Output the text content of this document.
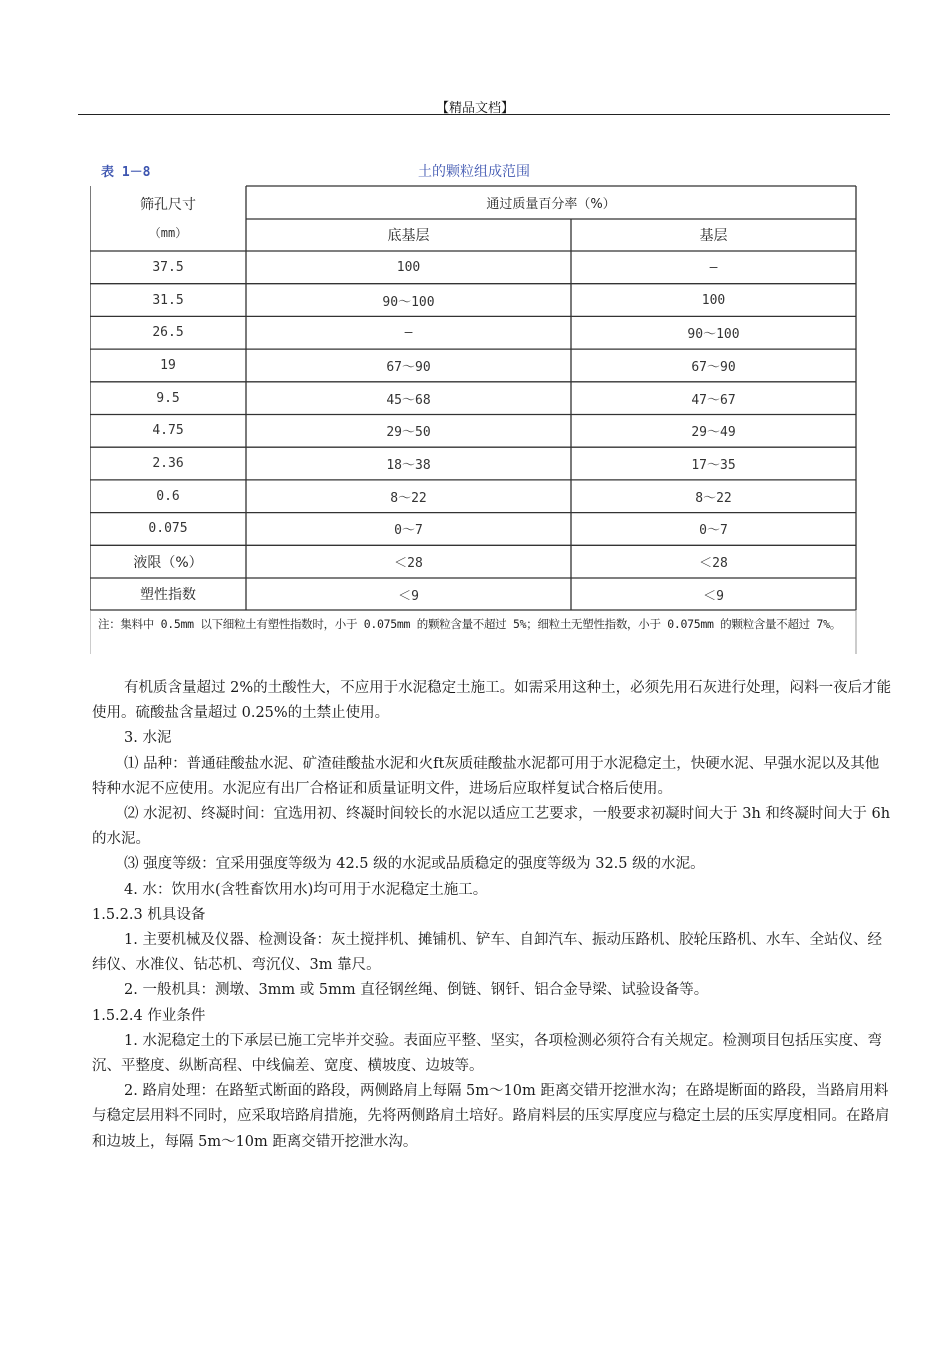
【精品文档】
表 1－8	土的颗粒组成范围
筛孔尺寸
（mm）
通过质量百分率（%）
底基层	基层
37.5	100	—
31.5	90～100	100
26.5	—	90～100
19	67～90	67～90
9.5	45～68	47～67
4.75	29～50	29～49
2.36	18～38	17～35
0.6	8～22	8～22
0.075	0～7	0～7
液限（%）	＜28	＜28
塑性指数	＜9	＜9
注：集料中 0.5mm 以下细粒土有塑性指数时，小于 0.075mm 的颗粒含量不超过 5%；细粒土无塑性指数，小于 0.075mm 的颗粒含量不超过 7%。

有机质含量超过 2%的土酸性大，不应用于水泥稳定土施工。如需采用这种土，必须先用石灰进行处理，闷料一夜后才能使用。硫酸盐含量超过 0.25%的土禁止使用。

3. 水泥

⑴ 品种：普通硅酸盐水泥、矿渣硅酸盐水泥和火ft灰质硅酸盐水泥都可用于水泥稳定土，快硬水泥、早强水泥以及其他特种水泥不应使用。水泥应有出厂合格证和质量证明文件，进场后应取样复试合格后使用。

⑵ 水泥初、终凝时间：宜选用初、终凝时间较长的水泥以适应工艺要求，一般要求初凝时间大于 3h 和终凝时间大于 6h 的水泥。

⑶ 强度等级：宜采用强度等级为 42.5 级的水泥或品质稳定的强度等级为 32.5 级的水泥。

4. 水：饮用水(含牲畜饮用水)均可用于水泥稳定土施工。

1.5.2.3 机具设备

1. 主要机械及仪器、检测设备：灰土搅拌机、摊铺机、铲车、自卸汽车、振动压路机、胶轮压路机、水车、全站仪、经纬仪、水准仪、钻芯机、弯沉仪、3m 靠尺。

2. 一般机具：测墩、3mm 或 5mm 直径钢丝绳、倒链、钢钎、铝合金导梁、试验设备等。

1.5.2.4 作业条件

1. 水泥稳定土的下承层已施工完毕并交验。表面应平整、坚实，各项检测必须符合有关规定。检测项目包括压实度、弯沉、平整度、纵断高程、中线偏差、宽度、横坡度、边坡等。

2. 路肩处理：在路堑式断面的路段，两侧路肩上每隔 5m～10m 距离交错开挖泄水沟；在路堤断面的路段，当路肩用料与稳定层用料不同时，应采取培路肩措施，先将两侧路肩土培好。路肩料层的压实厚度应与稳定土层的压实厚度相同。在路肩和边坡上，每隔 5m～10m 距离交错开挖泄水沟。
